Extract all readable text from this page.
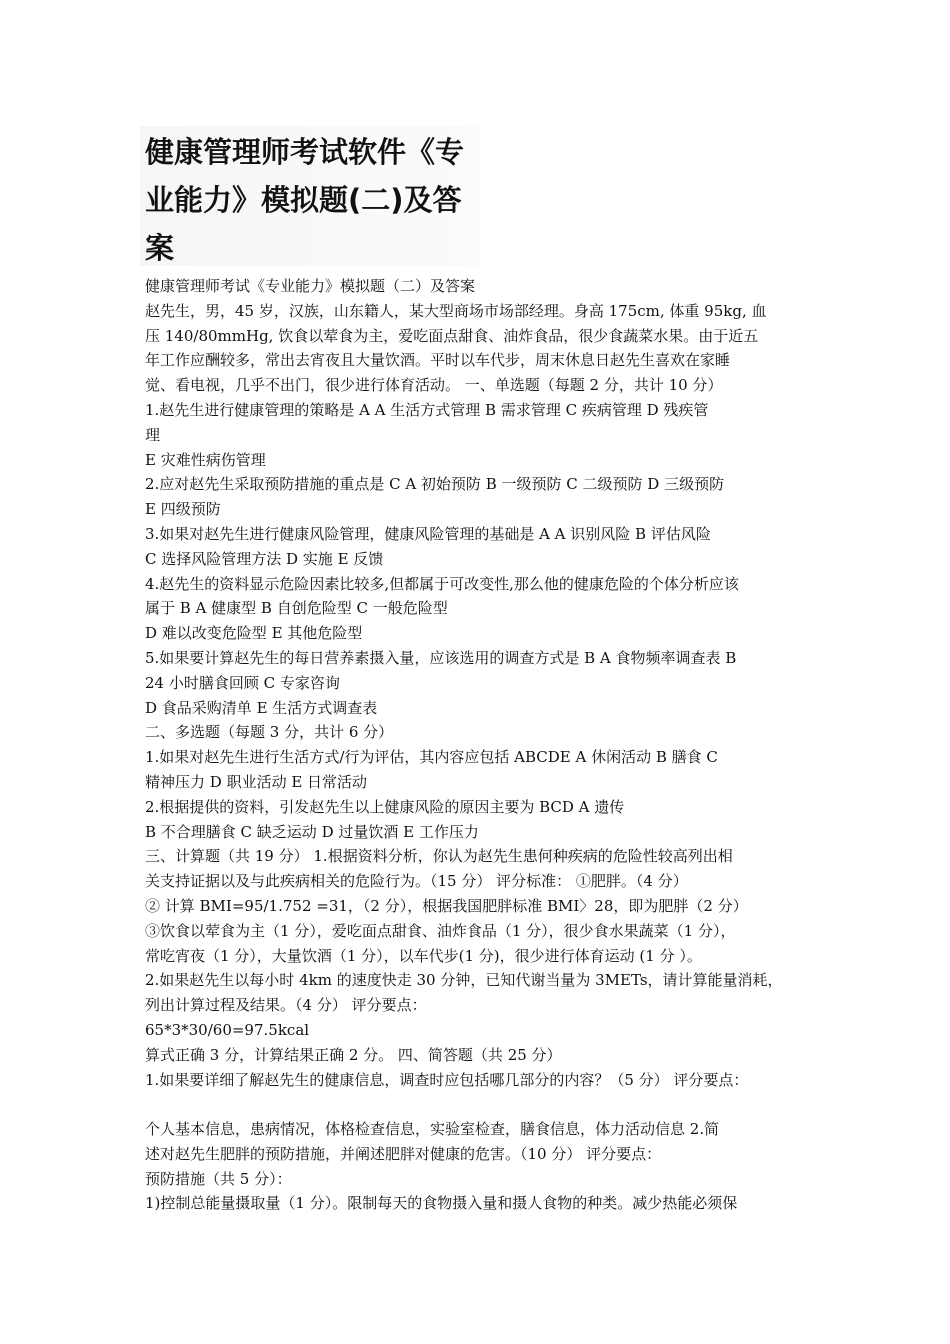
健康管理师考试软件《专
业能力》模拟题(二)及答
案

健康管理师考试《专业能力》模拟题（二）及答案

赵先生，男，45 岁，汉族，山东籍人，某大型商场市场部经理。身高 175cm, 体重 95kg, 血

压 140/80mmHg, 饮食以荤食为主，爱吃面点甜食、油炸食品，很少食蔬菜水果。由于近五

年工作应酬较多，常出去宵夜且大量饮酒。平时以车代步，周末休息日赵先生喜欢在家睡

觉、看电视，几乎不出门，很少进行体育活动。 一、单选题（每题 2 分，共计 10 分）

1.赵先生进行健康管理的策略是 A A 生活方式管理 B 需求管理 C 疾病管理 D 残疾管

理

E 灾难性病伤管理

2.应对赵先生采取预防措施的重点是 C A 初始预防 B 一级预防 C 二级预防 D 三级预防

E 四级预防

3.如果对赵先生进行健康风险管理，健康风险管理的基础是 A A 识别风险 B 评估风险

C 选择风险管理方法 D 实施 E 反馈

4.赵先生的资料显示危险因素比较多,但都属于可改变性,那么他的健康危险的个体分析应该

属于 B A 健康型 B 自创危险型 C 一般危险型

D 难以改变危险型 E 其他危险型

5.如果要计算赵先生的每日营养素摄入量，应该选用的调查方式是 B A 食物频率调查表 B

24 小时膳食回顾 C 专家咨询

D 食品采购清单 E 生活方式调查表

二、多选题（每题 3 分，共计 6 分）

1.如果对赵先生进行生活方式/行为评估，其内容应包括 ABCDE A 休闲活动 B 膳食 C

精神压力 D 职业活动 E 日常活动

2.根据提供的资料，引发赵先生以上健康风险的原因主要为 BCD A 遗传

B 不合理膳食 C 缺乏运动 D 过量饮酒 E 工作压力

三、计算题（共 19 分） 1.根据资料分析，你认为赵先生患何种疾病的危险性较高列出相

关支持证据以及与此疾病相关的危险行为。（15 分） 评分标准： ①肥胖。（4 分）

② 计算 BMI=95/1.752 =31，（2 分），根据我国肥胖标准 BMI〉28，即为肥胖（2 分）

③饮食以荤食为主（1 分），爱吃面点甜食、油炸食品（1 分），很少食水果蔬菜（1 分），

常吃宵夜（1 分），大量饮酒（1 分），以车代步(1 分)，很少进行体育运动 (1 分 ）。

2.如果赵先生以每小时 4km 的速度快走 30 分钟，已知代谢当量为 3METs，请计算能量消耗，

列出计算过程及结果。（4 分） 评分要点：

65*3*30/60=97.5kcal

算式正确 3 分，计算结果正确 2 分。 四、简答题（共 25 分）

1.如果要详细了解赵先生的健康信息，调查时应包括哪几部分的内容？（5 分） 评分要点：

个人基本信息，患病情况，体格检查信息，实验室检查，膳食信息，体力活动信息 2.简

述对赵先生肥胖的预防措施，并阐述肥胖对健康的危害。（10 分） 评分要点：

预防措施（共 5 分）：

1)控制总能量摄取量（1 分）。限制每天的食物摄入量和摄人食物的种类。减少热能必须保
